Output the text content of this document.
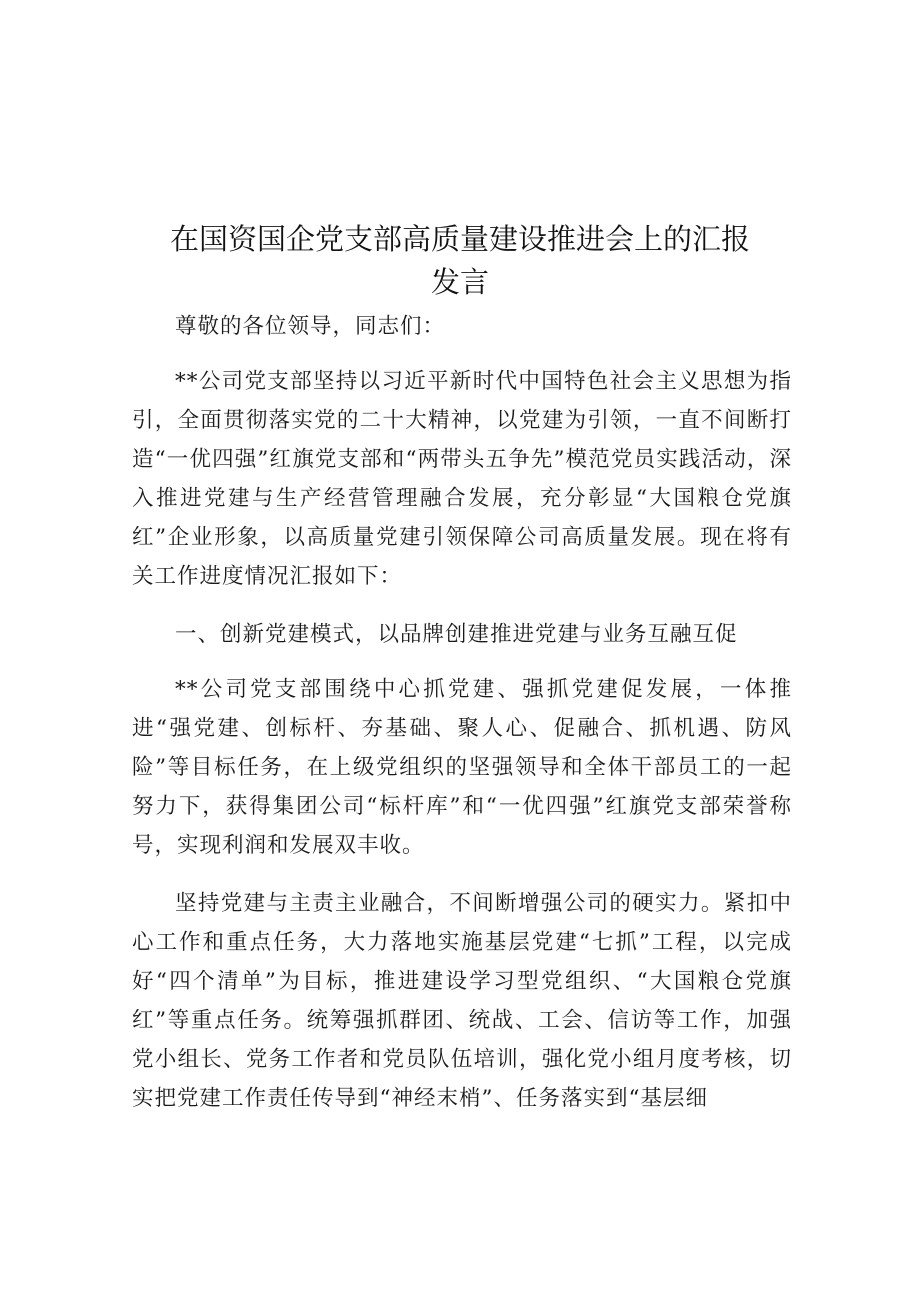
在国资国企党支部高质量建设推进会上的汇报
发言

尊敬的各位领导，同志们：

**公司党支部坚持以习近平新时代中国特色社会主义思想为指引，全面贯彻落实党的二十大精神，以党建为引领，一直不间断打造“一优四强”红旗党支部和“两带头五争先”模范党员实践活动，深入推进党建与生产经营管理融合发展，充分彰显“大国粮仓党旗红”企业形象，以高质量党建引领保障公司高质量发展。现在将有关工作进度情况汇报如下：

一、创新党建模式，以品牌创建推进党建与业务互融互促

**公司党支部围绕中心抓党建、强抓党建促发展，一体推进“强党建、创标杆、夯基础、聚人心、促融合、抓机遇、防风险”等目标任务，在上级党组织的坚强领导和全体干部员工的一起努力下，获得集团公司“标杆库”和“一优四强”红旗党支部荣誉称号，实现利润和发展双丰收。

坚持党建与主责主业融合，不间断增强公司的硬实力。紧扣中心工作和重点任务，大力落地实施基层党建“七抓”工程，以完成好“四个清单”为目标，推进建设学习型党组织、“大国粮仓党旗红”等重点任务。统筹强抓群团、统战、工会、信访等工作，加强党小组长、党务工作者和党员队伍培训，强化党小组月度考核，切实把党建工作责任传导到“神经末梢”、任务落实到“基层细
